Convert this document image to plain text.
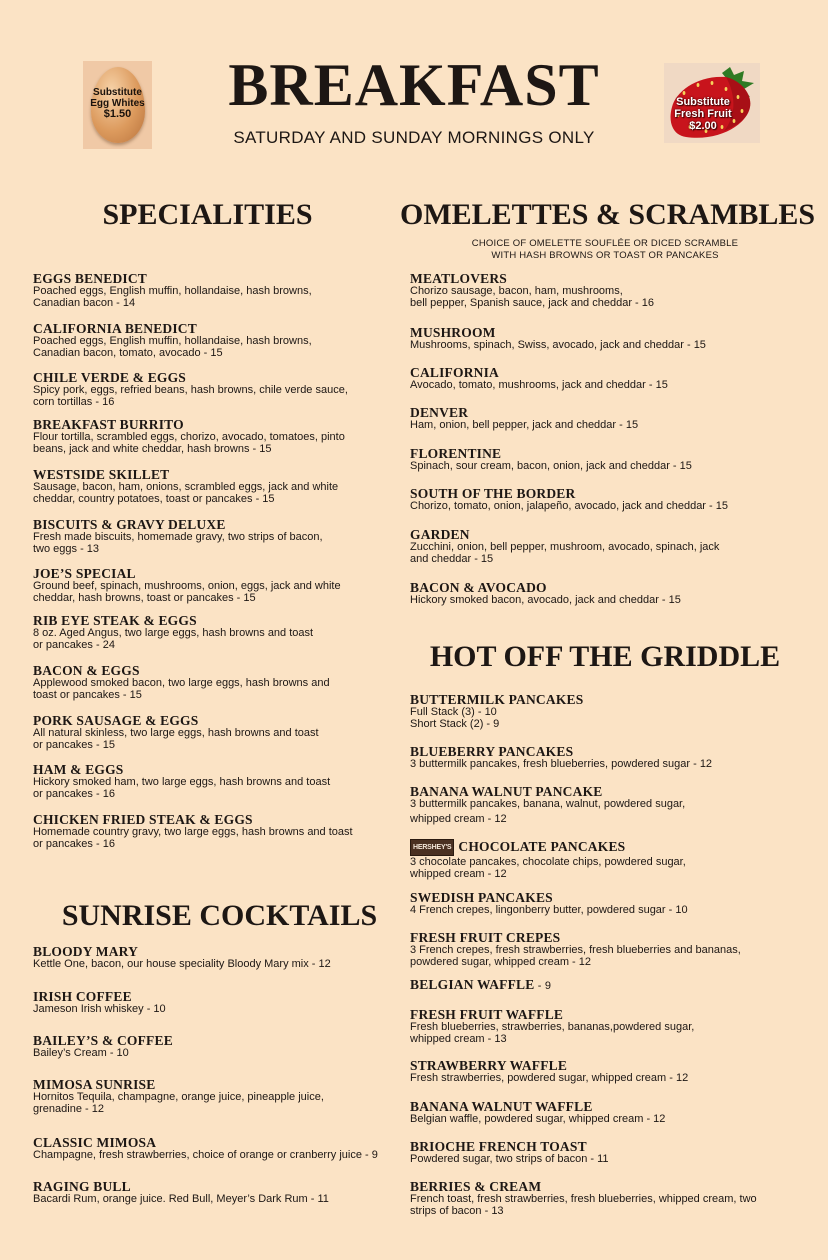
Substitute
Egg Whites
$1.50	BREAKFAST
SATURDAY AND SUNDAY MORNINGS ONLY
Substitute
Fresh Fruit
$2.00
SPECIALITIES
SUNRISE COCKTAILS
OMELETTES & SCRAMBLES
CHOICE OF OMELETTE SOUFLÉE OR DICED SCRAMBLE
WITH HASH BROWNS OR TOAST OR PANCAKES
HOT OFF THE GRIDDLE
EGGS BENEDICT
Poached eggs, English muffin, hollandaise, hash browns,
Canadian bacon - 14
CALIFORNIA BENEDICT
Poached eggs, English muffin, hollandaise, hash browns,
Canadian bacon, tomato, avocado - 15
CHILE VERDE & EGGS
Spicy pork, eggs, refried beans, hash browns, chile verde sauce,
corn tortillas - 16
BREAKFAST BURRITO
Flour tortilla, scrambled eggs, chorizo, avocado, tomatoes, pinto
beans, jack and white cheddar, hash browns - 15
WESTSIDE SKILLET
Sausage, bacon, ham, onions, scrambled eggs, jack and white
cheddar, country potatoes, toast or pancakes - 15
BISCUITS & GRAVY DELUXE
Fresh made biscuits, homemade gravy, two strips of bacon,
two eggs - 13
JOE’S SPECIAL
Ground beef, spinach, mushrooms, onion, eggs, jack and white
cheddar, hash browns, toast or pancakes - 15
RIB EYE STEAK & EGGS
8 oz. Aged Angus, two large eggs, hash browns and toast
or pancakes - 24
BACON & EGGS
Applewood smoked bacon, two large eggs, hash browns and
toast or pancakes - 15
PORK SAUSAGE & EGGS
All natural skinless, two large eggs, hash browns and toast
or pancakes - 15
HAM & EGGS
Hickory smoked ham, two large eggs, hash browns and toast
or pancakes - 16
CHICKEN FRIED STEAK & EGGS
Homemade country gravy, two large eggs, hash browns and toast
or pancakes - 16
BLOODY MARY
Kettle One, bacon, our house speciality Bloody Mary mix - 12
IRISH COFFEE
Jameson Irish whiskey - 10
BAILEY’S & COFFEE
Bailey’s Cream - 10
MIMOSA SUNRISE
Hornitos Tequila, champagne, orange juice, pineapple juice,
grenadine - 12
CLASSIC MIMOSA
Champagne, fresh strawberries, choice of orange or cranberry juice - 9
RAGING BULL
Bacardi Rum, orange juice. Red Bull, Meyer’s Dark Rum - 11
MEATLOVERS
Chorizo sausage, bacon, ham, mushrooms,
bell pepper, Spanish sauce, jack and cheddar - 16
MUSHROOM
Mushrooms, spinach, Swiss, avocado, jack and cheddar - 15
CALIFORNIA
Avocado, tomato, mushrooms, jack and cheddar - 15
DENVER
Ham, onion, bell pepper, jack and cheddar - 15
FLORENTINE
Spinach, sour cream, bacon, onion, jack and cheddar - 15
SOUTH OF THE BORDER
Chorizo, tomato, onion, jalapeño, avocado, jack and cheddar - 15
GARDEN
Zucchini, onion, bell pepper, mushroom, avocado, spinach, jack
and cheddar - 15
BACON & AVOCADO
Hickory smoked bacon, avocado, jack and cheddar - 15
BUTTERMILK PANCAKES
Full Stack (3) - 10
Short Stack (2) - 9
BLUEBERRY PANCAKES
3 buttermilk pancakes, fresh blueberries, powdered sugar - 12
BANANA WALNUT PANCAKE
3 buttermilk pancakes, banana, walnut, powdered sugar,
whipped cream - 12
HERSHEY'S CHOCOLATE PANCAKES
3 chocolate pancakes, chocolate chips, powdered sugar,
whipped cream - 12
SWEDISH PANCAKES
4 French crepes, lingonberry butter, powdered sugar - 10
FRESH FRUIT CREPES
3 French crepes, fresh strawberries, fresh blueberries and bananas,
powdered sugar, whipped cream - 12
BELGIAN WAFFLE - 9
FRESH FRUIT WAFFLE
Fresh blueberries, strawberries, bananas,powdered sugar,
whipped cream - 13
STRAWBERRY WAFFLE
Fresh strawberries, powdered sugar, whipped cream - 12
BANANA WALNUT WAFFLE
Belgian waffle, powdered sugar, whipped cream - 12
BRIOCHE FRENCH TOAST
Powdered sugar, two strips of bacon - 11
BERRIES & CREAM
French toast, fresh strawberries, fresh blueberries, whipped cream, two
strips of bacon - 13
